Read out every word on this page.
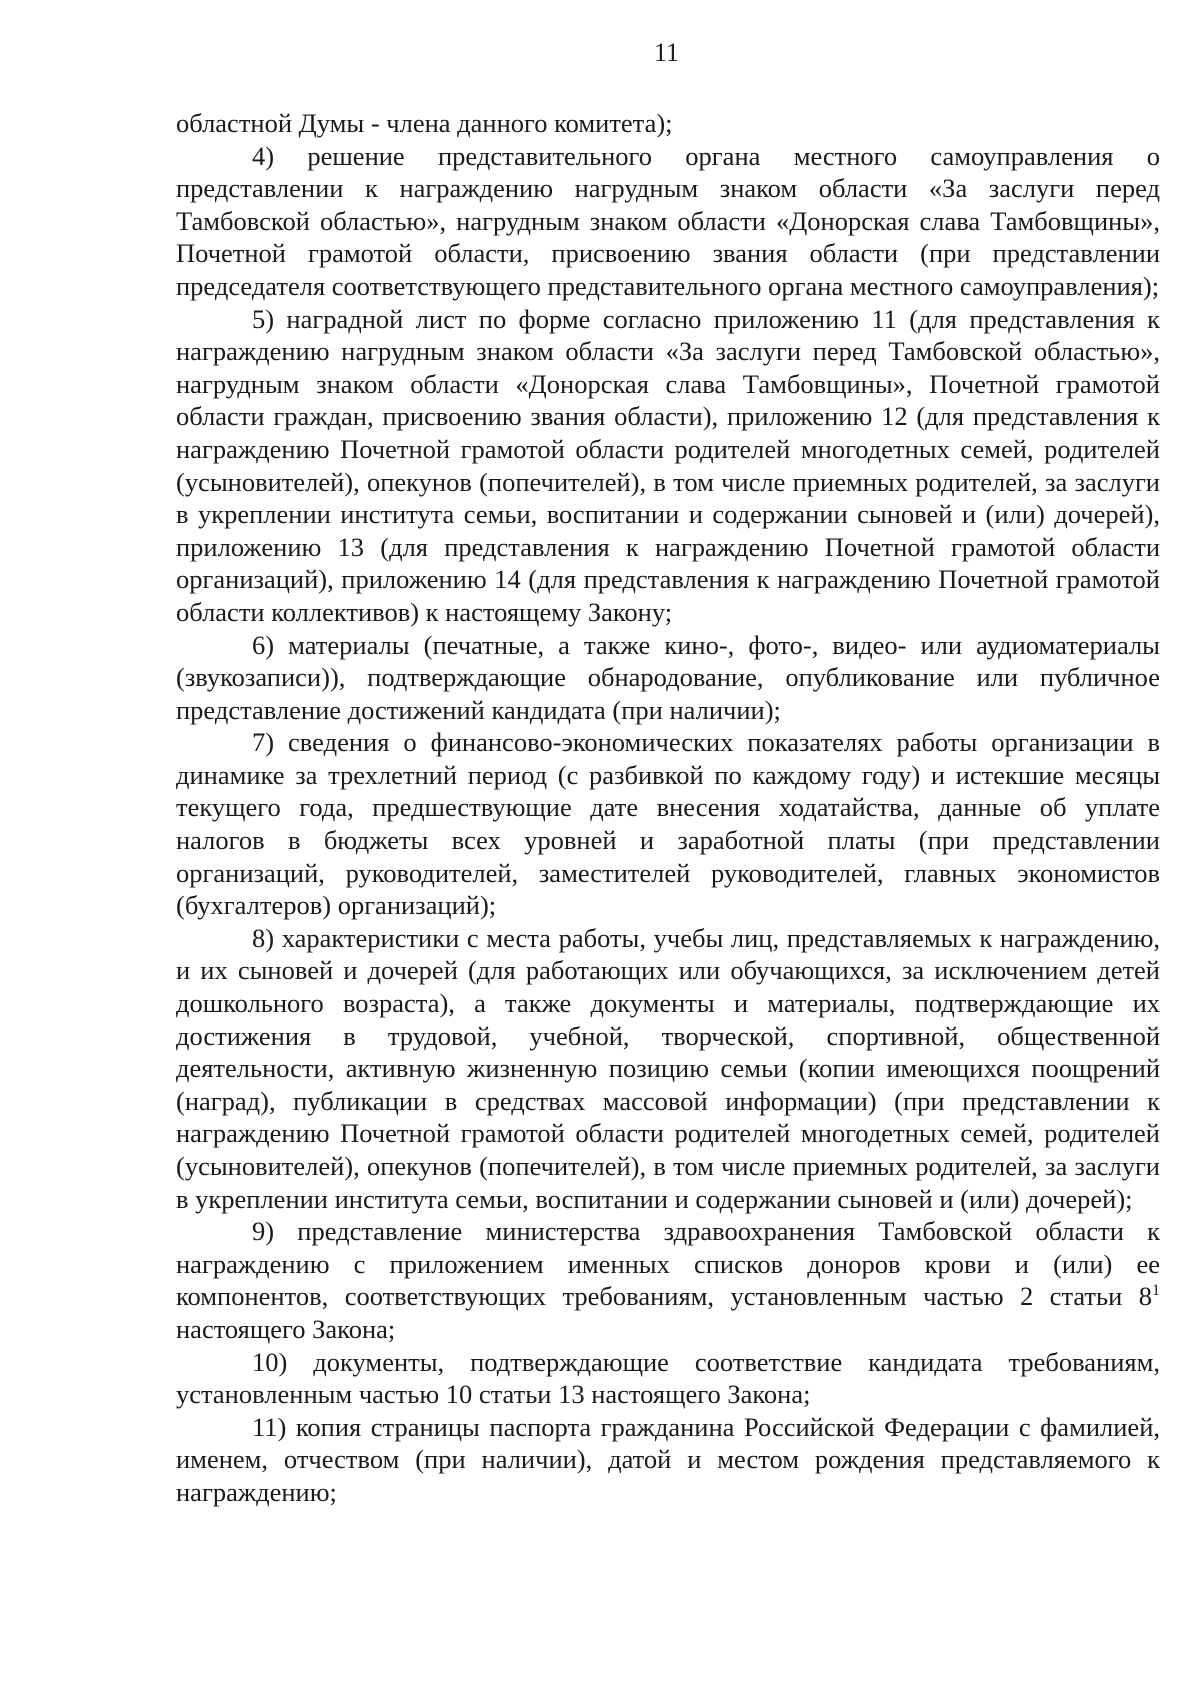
11

областной Думы - члена данного комитета);

4) решение представительного органа местного самоуправления о представлении к награждению нагрудным знаком области «За заслуги перед Тамбовской областью», нагрудным знаком области «Донорская слава Тамбовщины», Почетной грамотой области, присвоению звания области (при представлении председателя соответствующего представительного органа местного самоуправления);

5) наградной лист по форме согласно приложению 11 (для представления к награждению нагрудным знаком области «За заслуги перед Тамбовской областью», нагрудным знаком области «Донорская слава Тамбовщины», Почетной грамотой области граждан, присвоению звания области), приложению 12 (для представления к награждению Почетной грамотой области родителей многодетных семей, родителей (усыновителей), опекунов (попечителей), в том числе приемных родителей, за заслуги в укреплении института семьи, воспитании и содержании сыновей и (или) дочерей), приложению 13 (для представления к награждению Почетной грамотой области организаций), приложению 14 (для представления к награждению Почетной грамотой области коллективов) к настоящему Закону;

6) материалы (печатные, а также кино-, фото-, видео- или аудиоматериалы (звукозаписи)), подтверждающие обнародование, опубликование или публичное представление достижений кандидата (при наличии);

7) сведения о финансово-экономических показателях работы организации в динамике за трехлетний период (с разбивкой по каждому году) и истекшие месяцы текущего года, предшествующие дате внесения ходатайства, данные об уплате налогов в бюджеты всех уровней и заработной платы (при представлении организаций, руководителей, заместителей руководителей, главных экономистов (бухгалтеров) организаций);

8) характеристики с места работы, учебы лиц, представляемых к награждению, и их сыновей и дочерей (для работающих или обучающихся, за исключением детей дошкольного возраста), а также документы и материалы, подтверждающие их достижения в трудовой, учебной, творческой, спортивной, общественной деятельности, активную жизненную позицию семьи (копии имеющихся поощрений (наград), публикации в средствах массовой информации) (при представлении к награждению Почетной грамотой области родителей многодетных семей, родителей (усыновителей), опекунов (попечителей), в том числе приемных родителей, за заслуги в укреплении института семьи, воспитании и содержании сыновей и (или) дочерей);

9) представление министерства здравоохранения Тамбовской области к награждению с приложением именных списков доноров крови и (или) ее компонентов, соответствующих требованиям, установленным частью 2 статьи $8^1$ настоящего Закона;

10) документы, подтверждающие соответствие кандидата требованиям, установленным частью 10 статьи 13 настоящего Закона;

11) копия страницы паспорта гражданина Российской Федерации с фамилией, именем, отчеством (при наличии), датой и местом рождения представляемого к награждению;
